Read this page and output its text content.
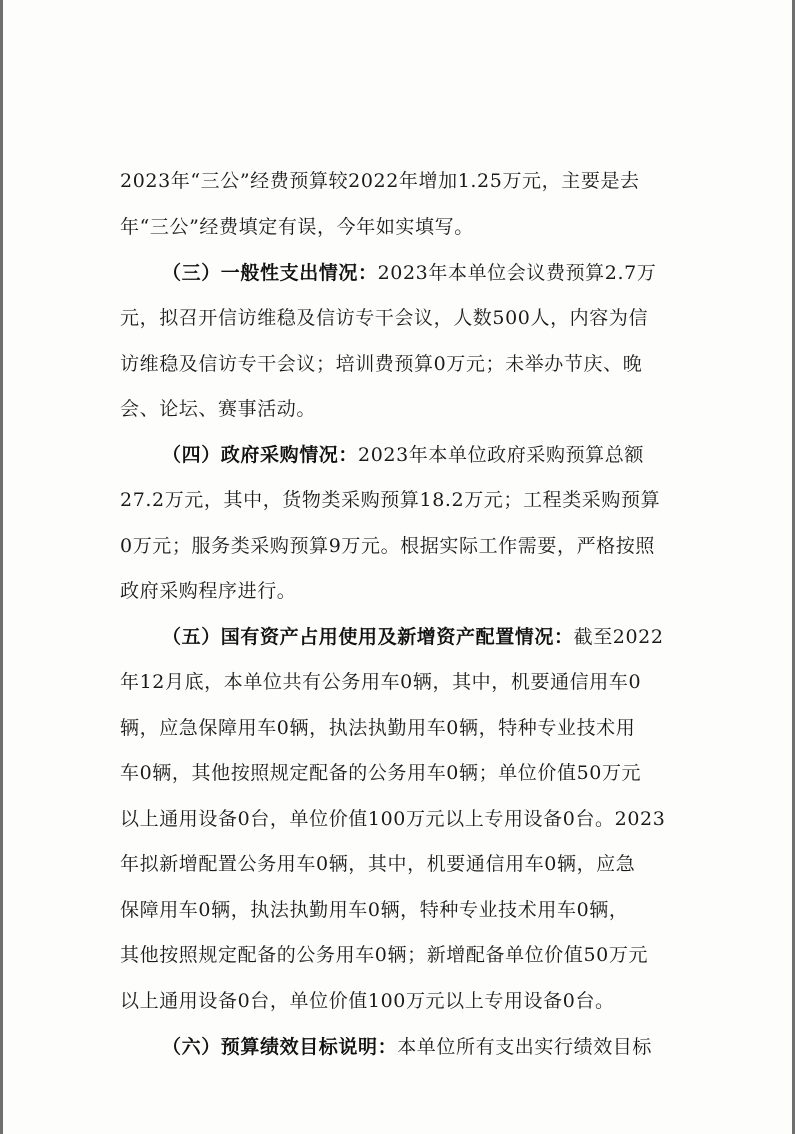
2023年“三公”经费预算较2022年增加1.25万元，主要是去
年“三公”经费填定有误，今年如实填写。
（三）一般性支出情况：2023年本单位会议费预算2.7万
元，拟召开信访维稳及信访专干会议，人数500人，内容为信
访维稳及信访专干会议；培训费预算0万元；未举办节庆、晚
会、论坛、赛事活动。
（四）政府采购情况：2023年本单位政府采购预算总额
27.2万元，其中，货物类采购预算18.2万元；工程类采购预算
0万元；服务类采购预算9万元。根据实际工作需要，严格按照
政府采购程序进行。
（五）国有资产占用使用及新增资产配置情况：截至2022
年12月底，本单位共有公务用车0辆，其中，机要通信用车0
辆，应急保障用车0辆，执法执勤用车0辆，特种专业技术用
车0辆，其他按照规定配备的公务用车0辆；单位价值50万元
以上通用设备0台，单位价值100万元以上专用设备0台。2023
年拟新增配置公务用车0辆，其中，机要通信用车0辆，应急
保障用车0辆，执法执勤用车0辆，特种专业技术用车0辆，
其他按照规定配备的公务用车0辆；新增配备单位价值50万元
以上通用设备0台，单位价值100万元以上专用设备0台。
（六）预算绩效目标说明：本单位所有支出实行绩效目标
